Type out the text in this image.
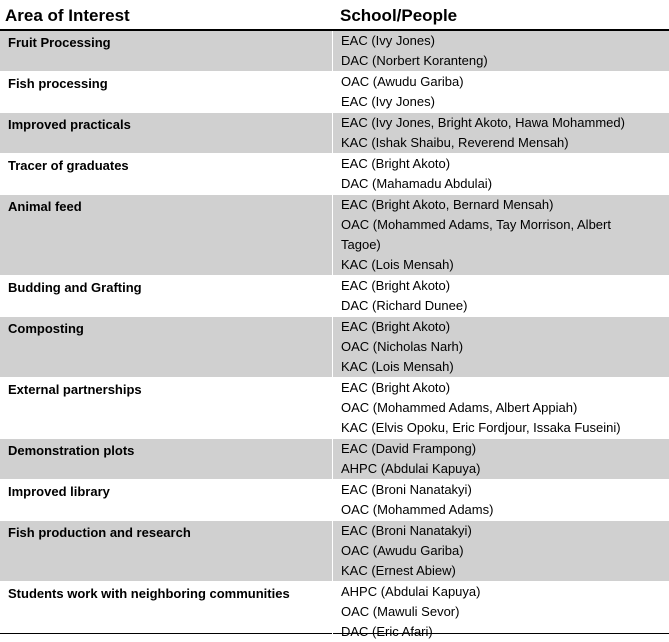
Area of Interest	School/People
Fruit Processing	EAC (Ivy Jones)
DAC (Norbert Koranteng)
Fish processing	OAC (Awudu Gariba)
EAC (Ivy Jones)
Improved practicals	EAC (Ivy Jones, Bright Akoto, Hawa Mohammed)
KAC (Ishak Shaibu, Reverend Mensah)
Tracer of graduates	EAC (Bright Akoto)
DAC (Mahamadu Abdulai)
Animal feed	EAC (Bright Akoto, Bernard Mensah)
OAC (Mohammed Adams, Tay Morrison, Albert
Tagoe)
KAC (Lois Mensah)
Budding and Grafting	EAC (Bright Akoto)
DAC (Richard Dunee)
Composting	EAC (Bright Akoto)
OAC (Nicholas Narh)
KAC (Lois Mensah)
External partnerships	EAC (Bright Akoto)
OAC (Mohammed Adams, Albert Appiah)
KAC (Elvis Opoku, Eric Fordjour, Issaka Fuseini)
Demonstration plots	EAC (David Frampong)
AHPC (Abdulai Kapuya)
Improved library	EAC (Broni Nanatakyi)
OAC (Mohammed Adams)
Fish production and research	EAC (Broni Nanatakyi)
OAC (Awudu Gariba)
KAC (Ernest Abiew)
Students work with neighboring communities	AHPC (Abdulai Kapuya)
OAC (Mawuli Sevor)
DAC (Eric Afari)
